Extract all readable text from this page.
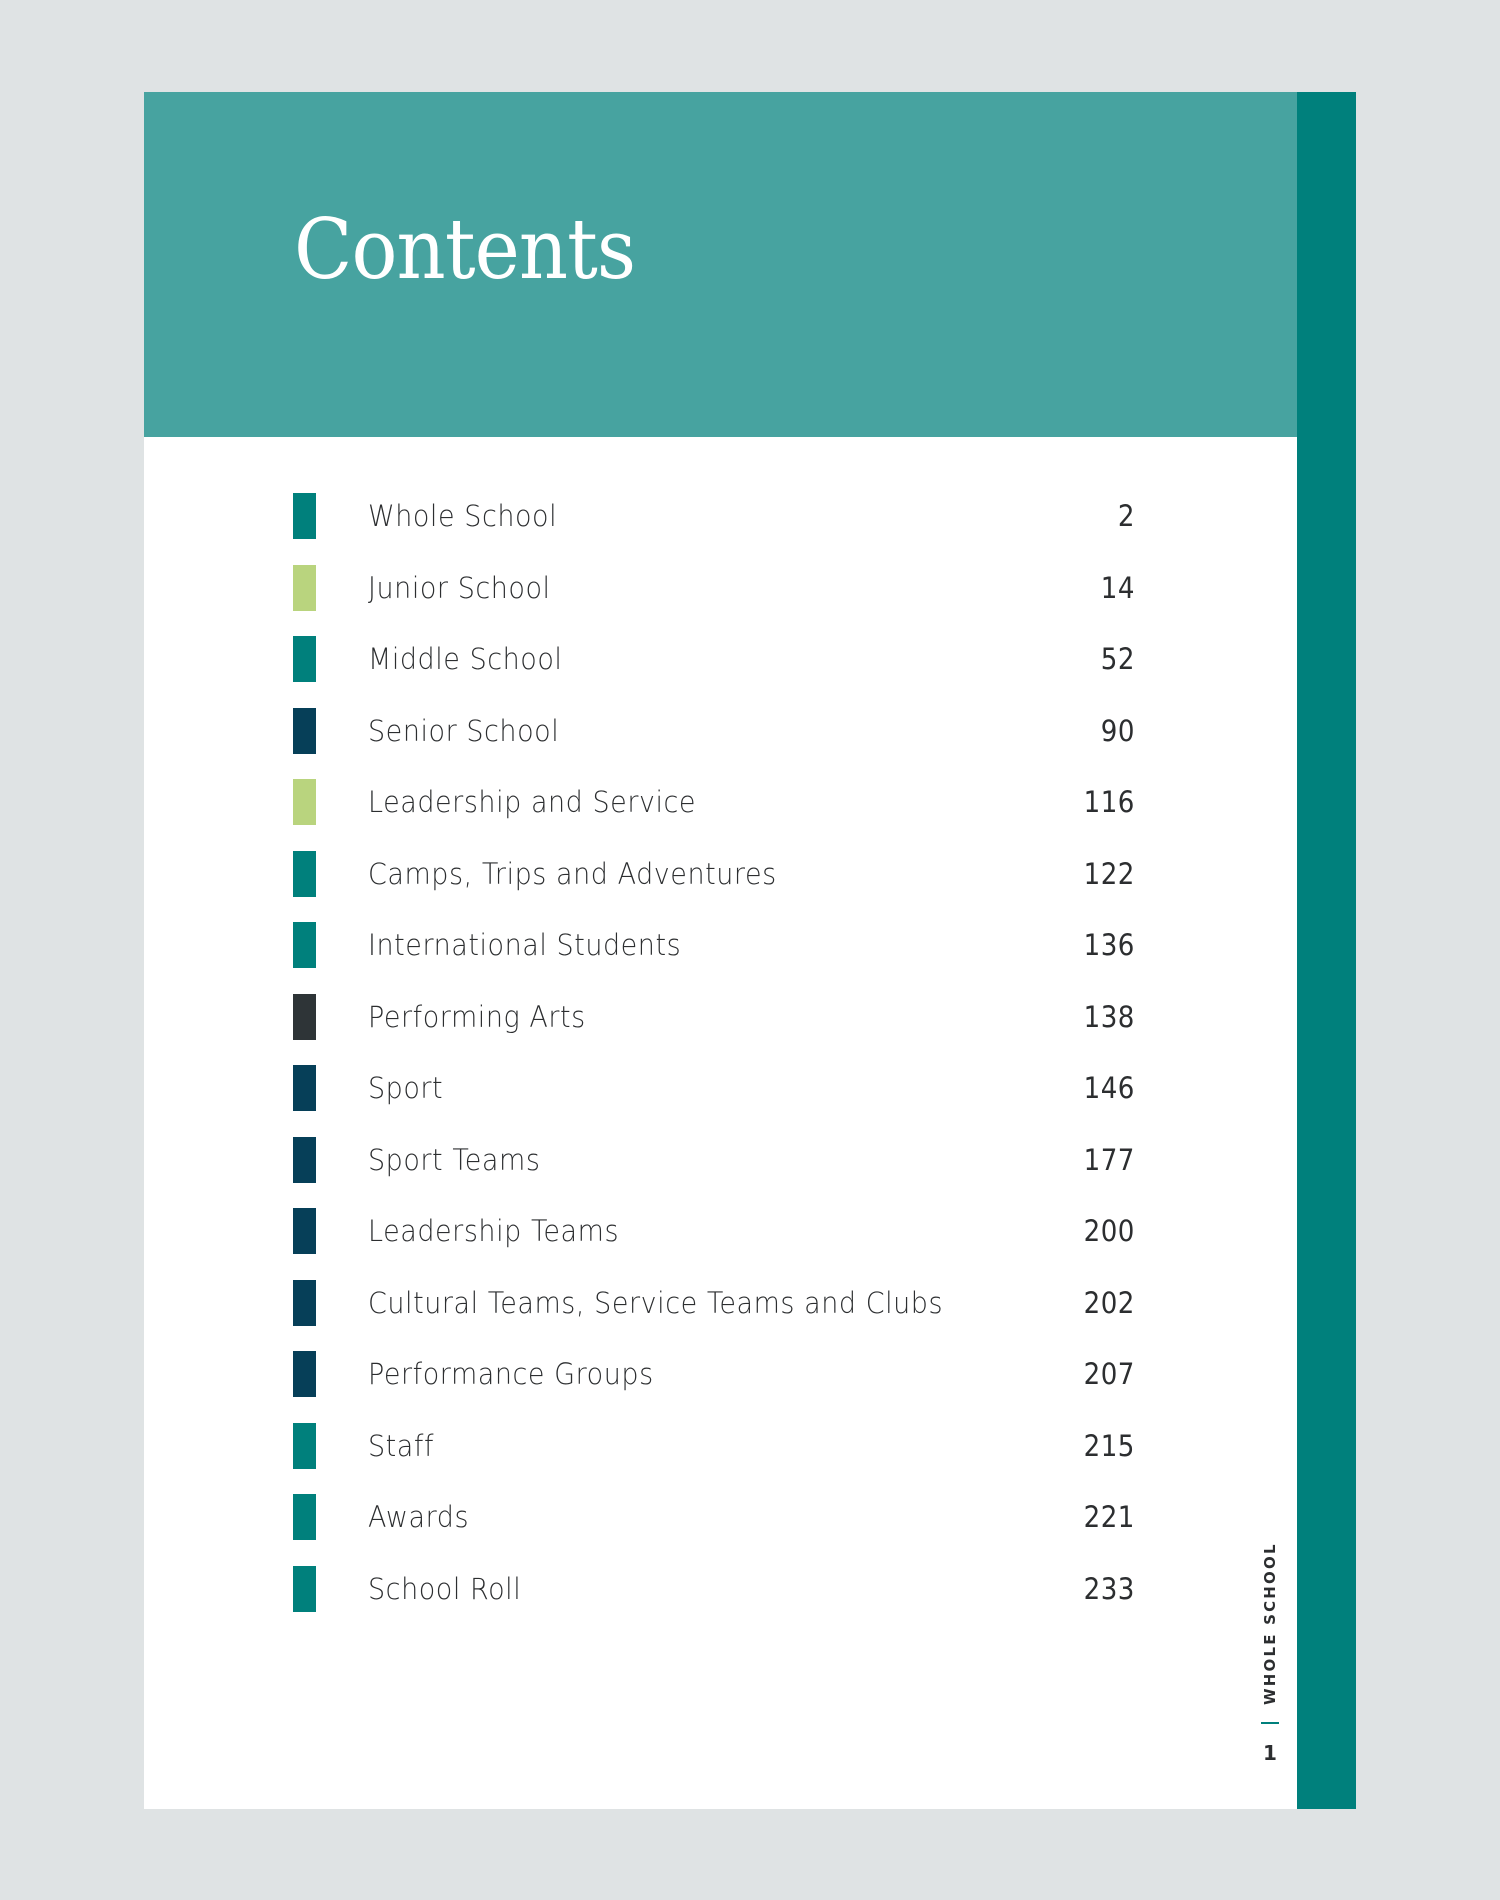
Contents
Whole School	2
Junior School	14
Middle School	52
Senior School	90
Leadership and Service	116
Camps, Trips and Adventures	122
International Students	136
Performing Arts	138
Sport	146
Sport Teams	177
Leadership Teams	200
Cultural Teams, Service Teams and Clubs	202
Performance Groups	207
Staff	215
Awards	221
School Roll	233	WHOLE SCHOOL
1
